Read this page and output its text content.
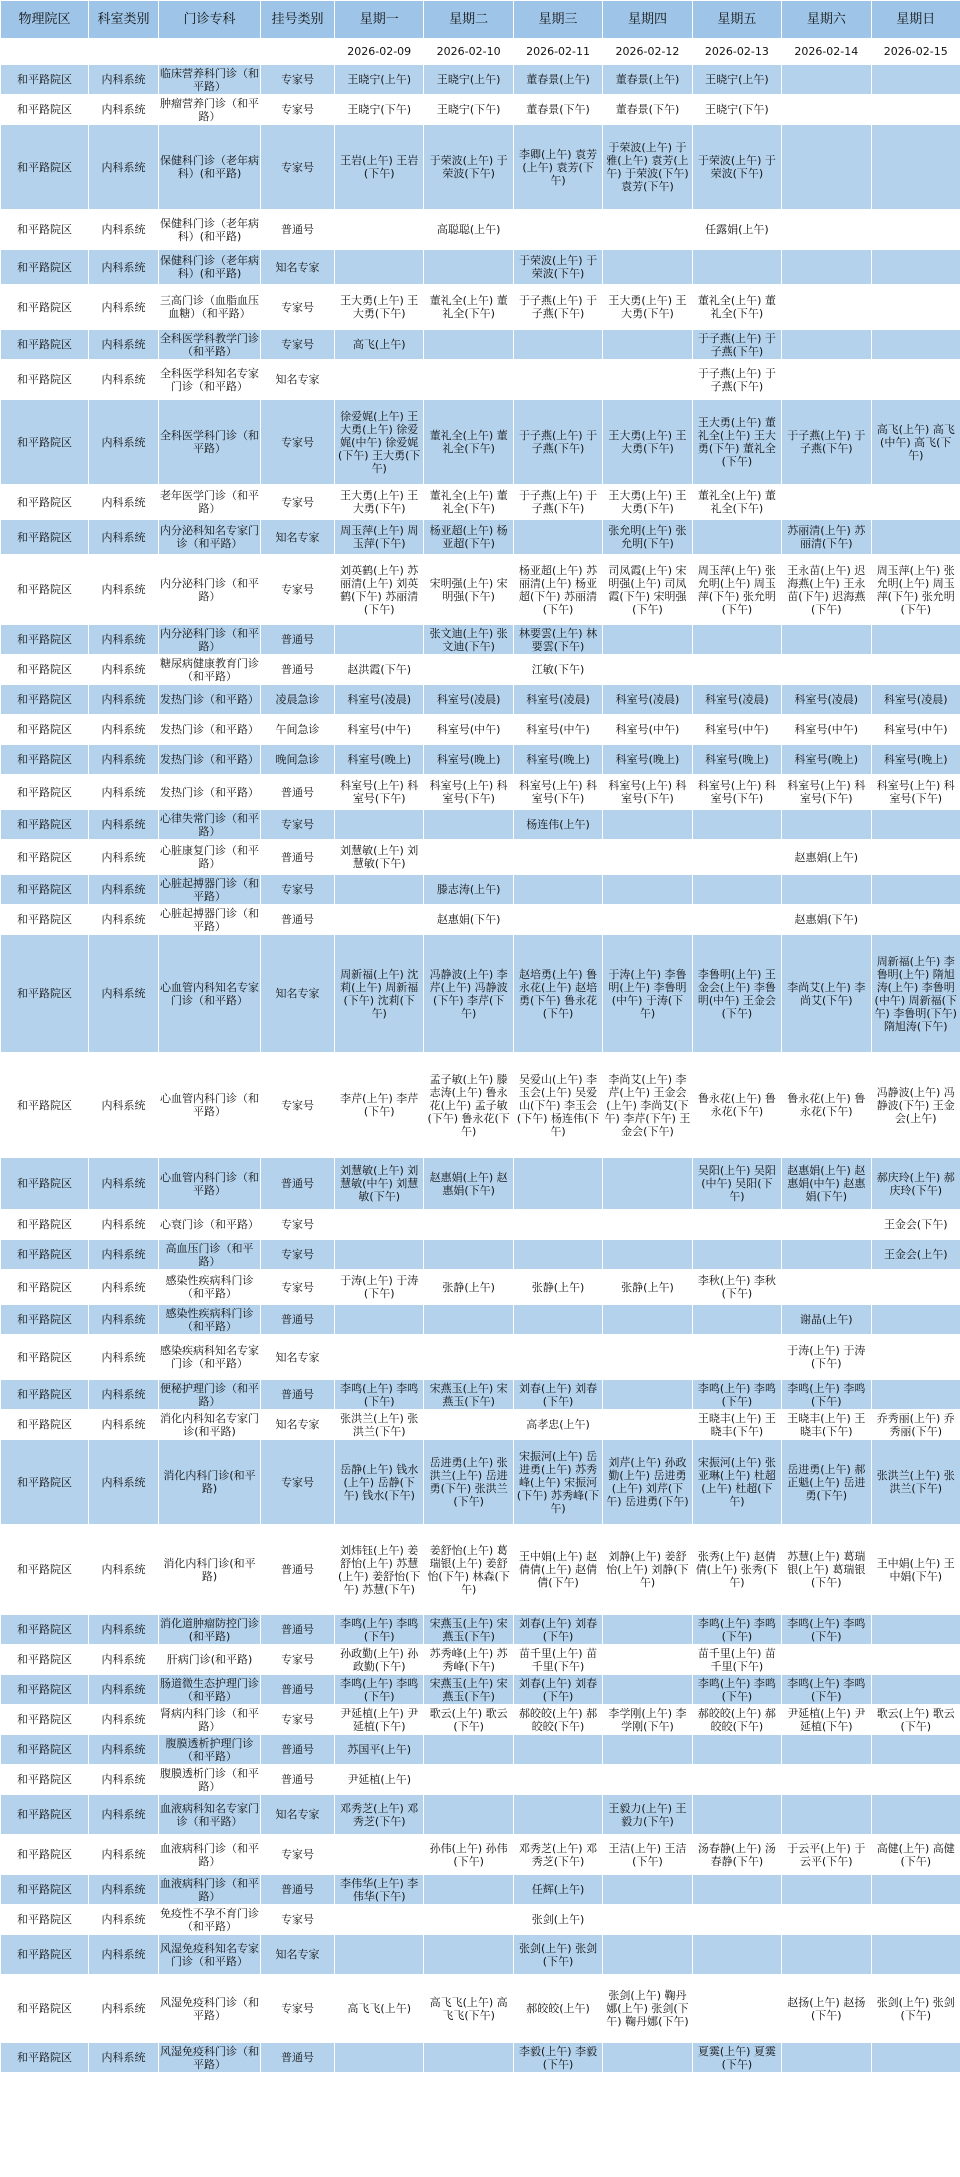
物理院区	科室类别	门诊专科	挂号类别	星期一	星期二	星期三	星期四	星期五	星期六	星期日
				2026-02-09	2026-02-10	2026-02-11	2026-02-12	2026-02-13	2026-02-14	2026-02-15
和平路院区	内科系统	临床营养科门诊（和平路）	专家号	王晓宁(上午)	王晓宁(上午)	董春景(上午)	董春景(上午)	王晓宁(上午)		
和平路院区	内科系统	肿瘤营养门诊（和平路）	专家号	王晓宁(下午)	王晓宁(下午)	董春景(下午)	董春景(下午)	王晓宁(下午)		
和平路院区	内科系统	保健科门诊（老年病科）(和平路)	专家号	王岩(上午) 王岩(下午)	于荣波(上午) 于荣波(下午)	李卿(上午) 袁芳(上午) 袁芳(下午)	于荣波(上午) 于雅(上午) 袁芳(上午) 于荣波(下午) 袁芳(下午)	于荣波(上午) 于荣波(下午)		
和平路院区	内科系统	保健科门诊（老年病科）(和平路)	普通号		高聪聪(上午)			任露娟(上午)		
和平路院区	内科系统	保健科门诊（老年病科）(和平路)	知名专家			于荣波(上午) 于荣波(下午)				
和平路院区	内科系统	三高门诊（血脂血压血糖）（和平路）	专家号	王大勇(上午) 王大勇(下午)	董礼全(上午) 董礼全(下午)	于子燕(上午) 于子燕(下午)	王大勇(上午) 王大勇(下午)	董礼全(上午) 董礼全(下午)		
和平路院区	内科系统	全科医学科教学门诊（和平路）	专家号	高飞(上午)				于子燕(上午) 于子燕(下午)		
和平路院区	内科系统	全科医学科知名专家门诊（和平路）	知名专家					于子燕(上午) 于子燕(下午)		
和平路院区	内科系统	全科医学科门诊（和平路）	专家号	徐爱娓(上午) 王大勇(上午) 徐爱娓(中午) 徐爱娓(下午) 王大勇(下午)	董礼全(上午) 董礼全(下午)	于子燕(上午) 于子燕(下午)	王大勇(上午) 王大勇(下午)	王大勇(上午) 董礼全(上午) 王大勇(下午) 董礼全(下午)	于子燕(上午) 于子燕(下午)	高飞(上午) 高飞(中午) 高飞(下午)
和平路院区	内科系统	老年医学门诊（和平路）	专家号	王大勇(上午) 王大勇(下午)	董礼全(上午) 董礼全(下午)	于子燕(上午) 于子燕(下午)	王大勇(上午) 王大勇(下午)	董礼全(上午) 董礼全(下午)		
和平路院区	内科系统	内分泌科知名专家门诊（和平路）	知名专家	周玉萍(上午) 周玉萍(下午)	杨亚超(上午) 杨亚超(下午)		张允明(上午) 张允明(下午)		苏丽清(上午) 苏丽清(下午)	
和平路院区	内科系统	内分泌科门诊（和平路）	专家号	刘英鹤(上午) 苏丽清(上午) 刘英鹤(下午) 苏丽清(下午)	宋明强(上午) 宋明强(下午)	杨亚超(上午) 苏丽清(上午) 杨亚超(下午) 苏丽清(下午)	司凤霞(上午) 宋明强(上午) 司凤霞(下午) 宋明强(下午)	周玉萍(上午) 张允明(上午) 周玉萍(下午) 张允明(下午)	王永苗(上午) 迟海燕(上午) 王永苗(下午) 迟海燕(下午)	周玉萍(上午) 张允明(上午) 周玉萍(下午) 张允明(下午)
和平路院区	内科系统	内分泌科门诊（和平路）	普通号		张文迪(上午) 张文迪(下午)	林要雲(上午) 林要雲(下午)				
和平路院区	内科系统	糖尿病健康教育门诊（和平路）	普通号	赵洪霞(下午)		江敏(下午)				
和平路院区	内科系统	发热门诊（和平路）	凌晨急诊	科室号(凌晨)	科室号(凌晨)	科室号(凌晨)	科室号(凌晨)	科室号(凌晨)	科室号(凌晨)	科室号(凌晨)
和平路院区	内科系统	发热门诊（和平路）	午间急诊	科室号(中午)	科室号(中午)	科室号(中午)	科室号(中午)	科室号(中午)	科室号(中午)	科室号(中午)
和平路院区	内科系统	发热门诊（和平路）	晚间急诊	科室号(晚上)	科室号(晚上)	科室号(晚上)	科室号(晚上)	科室号(晚上)	科室号(晚上)	科室号(晚上)
和平路院区	内科系统	发热门诊（和平路）	普通号	科室号(上午) 科室号(下午)	科室号(上午) 科室号(下午)	科室号(上午) 科室号(下午)	科室号(上午) 科室号(下午)	科室号(上午) 科室号(下午)	科室号(上午) 科室号(下午)	科室号(上午) 科室号(下午)
和平路院区	内科系统	心律失常门诊（和平路）	专家号			杨连伟(上午)				
和平路院区	内科系统	心脏康复门诊（和平路）	普通号	刘慧敏(上午) 刘慧敏(下午)					赵惠娟(上午)	
和平路院区	内科系统	心脏起搏器门诊（和平路）	专家号		滕志涛(上午)					
和平路院区	内科系统	心脏起搏器门诊（和平路）	普通号		赵惠娟(下午)				赵惠娟(下午)	
和平路院区	内科系统	心血管内科知名专家门诊（和平路）	知名专家	周新福(上午) 沈莉(上午) 周新福(下午) 沈莉(下午)	冯静波(上午) 李芹(上午) 冯静波(下午) 李芹(下午)	赵培勇(上午) 鲁永花(上午) 赵培勇(下午) 鲁永花(下午)	于涛(上午) 李鲁明(上午) 李鲁明(中午) 于涛(下午)	李鲁明(上午) 王金会(上午) 李鲁明(中午) 王金会(下午)	李尚艾(上午) 李尚艾(下午)	周新福(上午) 李鲁明(上午) 隋旭涛(上午) 李鲁明(中午) 周新福(下午) 李鲁明(下午) 隋旭涛(下午)
和平路院区	内科系统	心血管内科门诊（和平路）	专家号	李芹(上午) 李芹(下午)	孟子敏(上午) 滕志涛(上午) 鲁永花(上午) 孟子敏(下午) 鲁永花(下午)	吴爱山(上午) 李玉会(上午) 吴爱山(下午) 李玉会(下午) 杨连伟(下午)	李尚艾(上午) 李芹(上午) 王金会(上午) 李尚艾(下午) 李芹(下午) 王金会(下午)	鲁永花(上午) 鲁永花(下午)	鲁永花(上午) 鲁永花(下午)	冯静波(上午) 冯静波(下午) 王金会(上午)
和平路院区	内科系统	心血管内科门诊（和平路）	普通号	刘慧敏(上午) 刘慧敏(中午) 刘慧敏(下午)	赵惠娟(上午) 赵惠娟(下午)			吴阳(上午) 吴阳(中午) 吴阳(下午)	赵惠娟(上午) 赵惠娟(中午) 赵惠娟(下午)	郝庆玲(上午) 郝庆玲(下午)
和平路院区	内科系统	心衰门诊（和平路）	专家号							王金会(下午)
和平路院区	内科系统	高血压门诊（和平路）	专家号							王金会(上午)
和平路院区	内科系统	感染性疾病科门诊（和平路）	专家号	于涛(上午) 于涛(下午)	张静(上午)	张静(上午)	张静(上午)	李秋(上午) 李秋(下午)		
和平路院区	内科系统	感染性疾病科门诊（和平路）	普通号						谢晶(上午)	
和平路院区	内科系统	感染疾病科知名专家门诊（和平路）	知名专家						于涛(上午) 于涛(下午)	
和平路院区	内科系统	便秘护理门诊（和平路）	普通号	李鸣(上午) 李鸣(下午)	宋燕玉(上午) 宋燕玉(下午)	刘春(上午) 刘春(下午)		李鸣(上午) 李鸣(下午)	李鸣(上午) 李鸣(下午)	
和平路院区	内科系统	消化内科知名专家门诊(和平路)	知名专家	张洪兰(上午) 张洪兰(下午)		高孝忠(上午)		王晓丰(上午) 王晓丰(下午)	王晓丰(上午) 王晓丰(下午)	乔秀丽(上午) 乔秀丽(下午)
和平路院区	内科系统	消化内科门诊(和平路)	专家号	岳静(上午) 钱水(上午) 岳静(下午) 钱水(下午)	岳进勇(上午) 张洪兰(上午) 岳进勇(下午) 张洪兰(下午)	宋振河(上午) 岳进勇(上午) 苏秀峰(上午) 宋振河(下午) 苏秀峰(下午)	刘芹(上午) 孙政勤(上午) 岳进勇(上午) 刘芹(下午) 岳进勇(下午)	宋振河(上午) 张亚琳(上午) 杜超(上午) 杜超(下午)	岳进勇(上午) 郝正魁(上午) 岳进勇(下午)	张洪兰(上午) 张洪兰(下午)
和平路院区	内科系统	消化内科门诊(和平路)	普通号	刘炜钰(上午) 姜舒怡(上午) 苏慧(上午) 姜舒怡(下午) 苏慧(下午)	姜舒怡(上午) 葛瑞银(上午) 姜舒怡(下午) 林森(下午)	王中娟(上午) 赵倩倩(上午) 赵倩倩(下午)	刘静(上午) 姜舒怡(上午) 刘静(下午)	张秀(上午) 赵倩倩(上午) 张秀(下午)	苏慧(上午) 葛瑞银(上午) 葛瑞银(下午)	王中娟(上午) 王中娟(下午)
和平路院区	内科系统	消化道肿瘤防控门诊(和平路)	普通号	李鸣(上午) 李鸣(下午)	宋燕玉(上午) 宋燕玉(下午)	刘春(上午) 刘春(下午)		李鸣(上午) 李鸣(下午)	李鸣(上午) 李鸣(下午)	
和平路院区	内科系统	肝病门诊(和平路)	专家号	孙政勤(上午) 孙政勤(下午)	苏秀峰(上午) 苏秀峰(下午)	苗千里(上午) 苗千里(下午)		苗千里(上午) 苗千里(下午)		
和平路院区	内科系统	肠道微生态护理门诊（和平路）	普通号	李鸣(上午) 李鸣(下午)	宋燕玉(上午) 宋燕玉(下午)	刘春(上午) 刘春(下午)		李鸣(上午) 李鸣(下午)	李鸣(上午) 李鸣(下午)	
和平路院区	内科系统	肾病内科门诊（和平路）	专家号	尹延植(上午) 尹延植(下午)	歌云(上午) 歌云(下午)	郝皎皎(上午) 郝皎皎(下午)	李学刚(上午) 李学刚(下午)	郝皎皎(上午) 郝皎皎(下午)	尹延植(上午) 尹延植(下午)	歌云(上午) 歌云(下午)
和平路院区	内科系统	腹膜透析护理门诊（和平路）	普通号	苏国平(上午)						
和平路院区	内科系统	腹膜透析门诊（和平路）	普通号	尹延植(上午)						
和平路院区	内科系统	血液病科知名专家门诊（和平路）	知名专家	邓秀芝(上午) 邓秀芝(下午)			王毅力(上午) 王毅力(下午)			
和平路院区	内科系统	血液病科门诊（和平路）	专家号		孙伟(上午) 孙伟(下午)	邓秀芝(上午) 邓秀芝(下午)	王洁(上午) 王洁(下午)	汤春静(上午) 汤春静(下午)	于云平(上午) 于云平(下午)	高健(上午) 高健(下午)
和平路院区	内科系统	血液病科门诊（和平路）	普通号	李伟华(上午) 李伟华(下午)		任辉(上午)				
和平路院区	内科系统	免疫性不孕不育门诊（和平路）	专家号			张剑(上午)				
和平路院区	内科系统	风湿免疫科知名专家门诊（和平路）	知名专家			张剑(上午) 张剑(下午)				
和平路院区	内科系统	风湿免疫科门诊（和平路）	专家号	高飞飞(上午)	高飞飞(上午) 高飞飞(下午)	郝皎皎(上午)	张剑(上午) 鞠丹娜(上午) 张剑(下午) 鞠丹娜(下午)		赵扬(上午) 赵扬(下午)	张剑(上午) 张剑(下午)
和平路院区	内科系统	风湿免疫科门诊（和平路）	普通号			李毅(上午) 李毅(下午)		夏霙(上午) 夏霙(下午)		
